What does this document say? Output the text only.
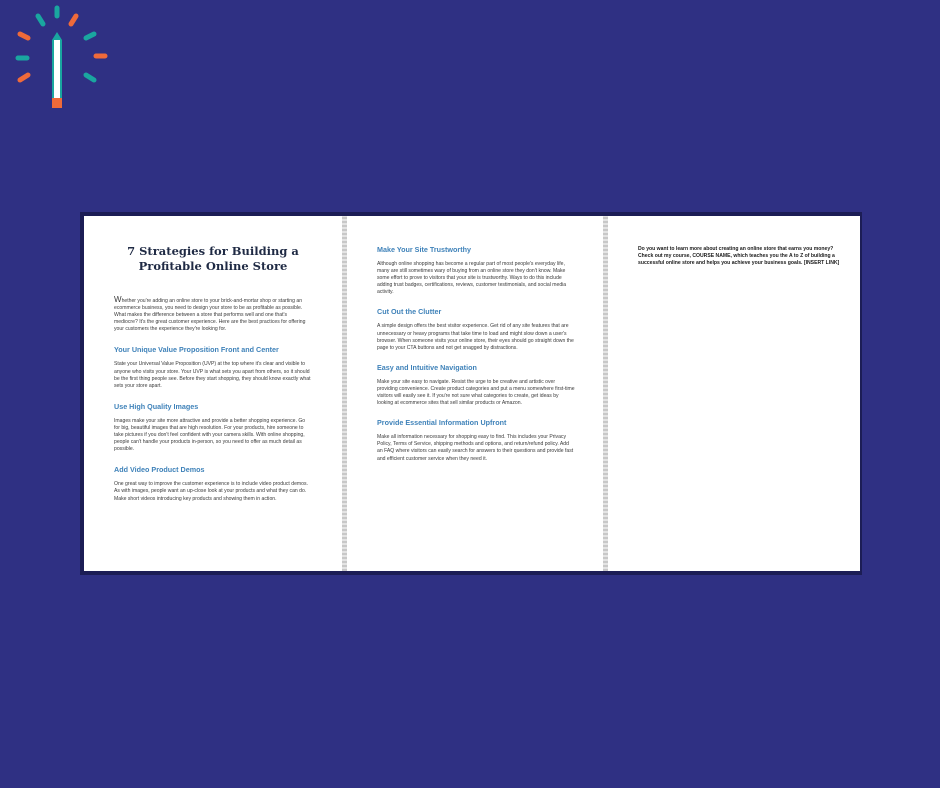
7 Strategies for Building a Profitable Online Store

Whether you're adding an online store to your brick-and-mortar shop or starting an ecommerce business, you need to design your store to be as profitable as possible. What makes the difference between a store that performs well and one that's mediocre? It's the great customer experience. Here are the best practices for offering your customers the experience they're looking for.

Your Unique Value Proposition Front and Center

State your Universal Value Proposition (UVP) at the top where it's clear and visible to anyone who visits your store. Your UVP is what sets you apart from others, so it should be the first thing people see. Before they start shopping, they should know exactly what sets your store apart.

Use High Quality Images

Images make your site more attractive and provide a better shopping experience. Go for big, beautiful images that are high resolution. For your products, hire someone to take pictures if you don't feel confident with your camera skills. With online shopping, people can't handle your products in-person, so you need to offer as much detail as possible.

Add Video Product Demos

One great way to improve the customer experience is to include video product demos. As with images, people want an up-close look at your products and what they can do. Make short videos introducing key products and showing them in action.

Make Your Site Trustworthy

Although online shopping has become a regular part of most people's everyday life, many are still sometimes wary of buying from an online store they don't know. Make some effort to prove to visitors that your site is trustworthy. Ways to do this include adding trust badges, certifications, reviews, customer testimonials, and social media activity.

Cut Out the Clutter

A simple design offers the best visitor experience. Get rid of any site features that are unnecessary or heavy programs that take time to load and might slow down a user's browser. When someone visits your online store, their eyes should go straight down the page to your CTA buttons and not get snagged by distractions.

Easy and Intuitive Navigation

Make your site easy to navigate. Resist the urge to be creative and artistic over providing convenience. Create product categories and put a menu somewhere first-time visitors will easily see it. If you're not sure what categories to create, get ideas by looking at ecommerce sites that sell similar products or Amazon.

Provide Essential Information Upfront

Make all information necessary for shopping easy to find. This includes your Privacy Policy, Terms of Service, shipping methods and options, and return/refund policy. Add an FAQ where visitors can easily search for answers to their questions and provide fast and efficient customer service when they need it.

Do you want to learn more about creating an online store that earns you money? Check out my course, COURSE NAME, which teaches you the A to Z of building a successful online store and helps you achieve your business goals. [INSERT LINK]
